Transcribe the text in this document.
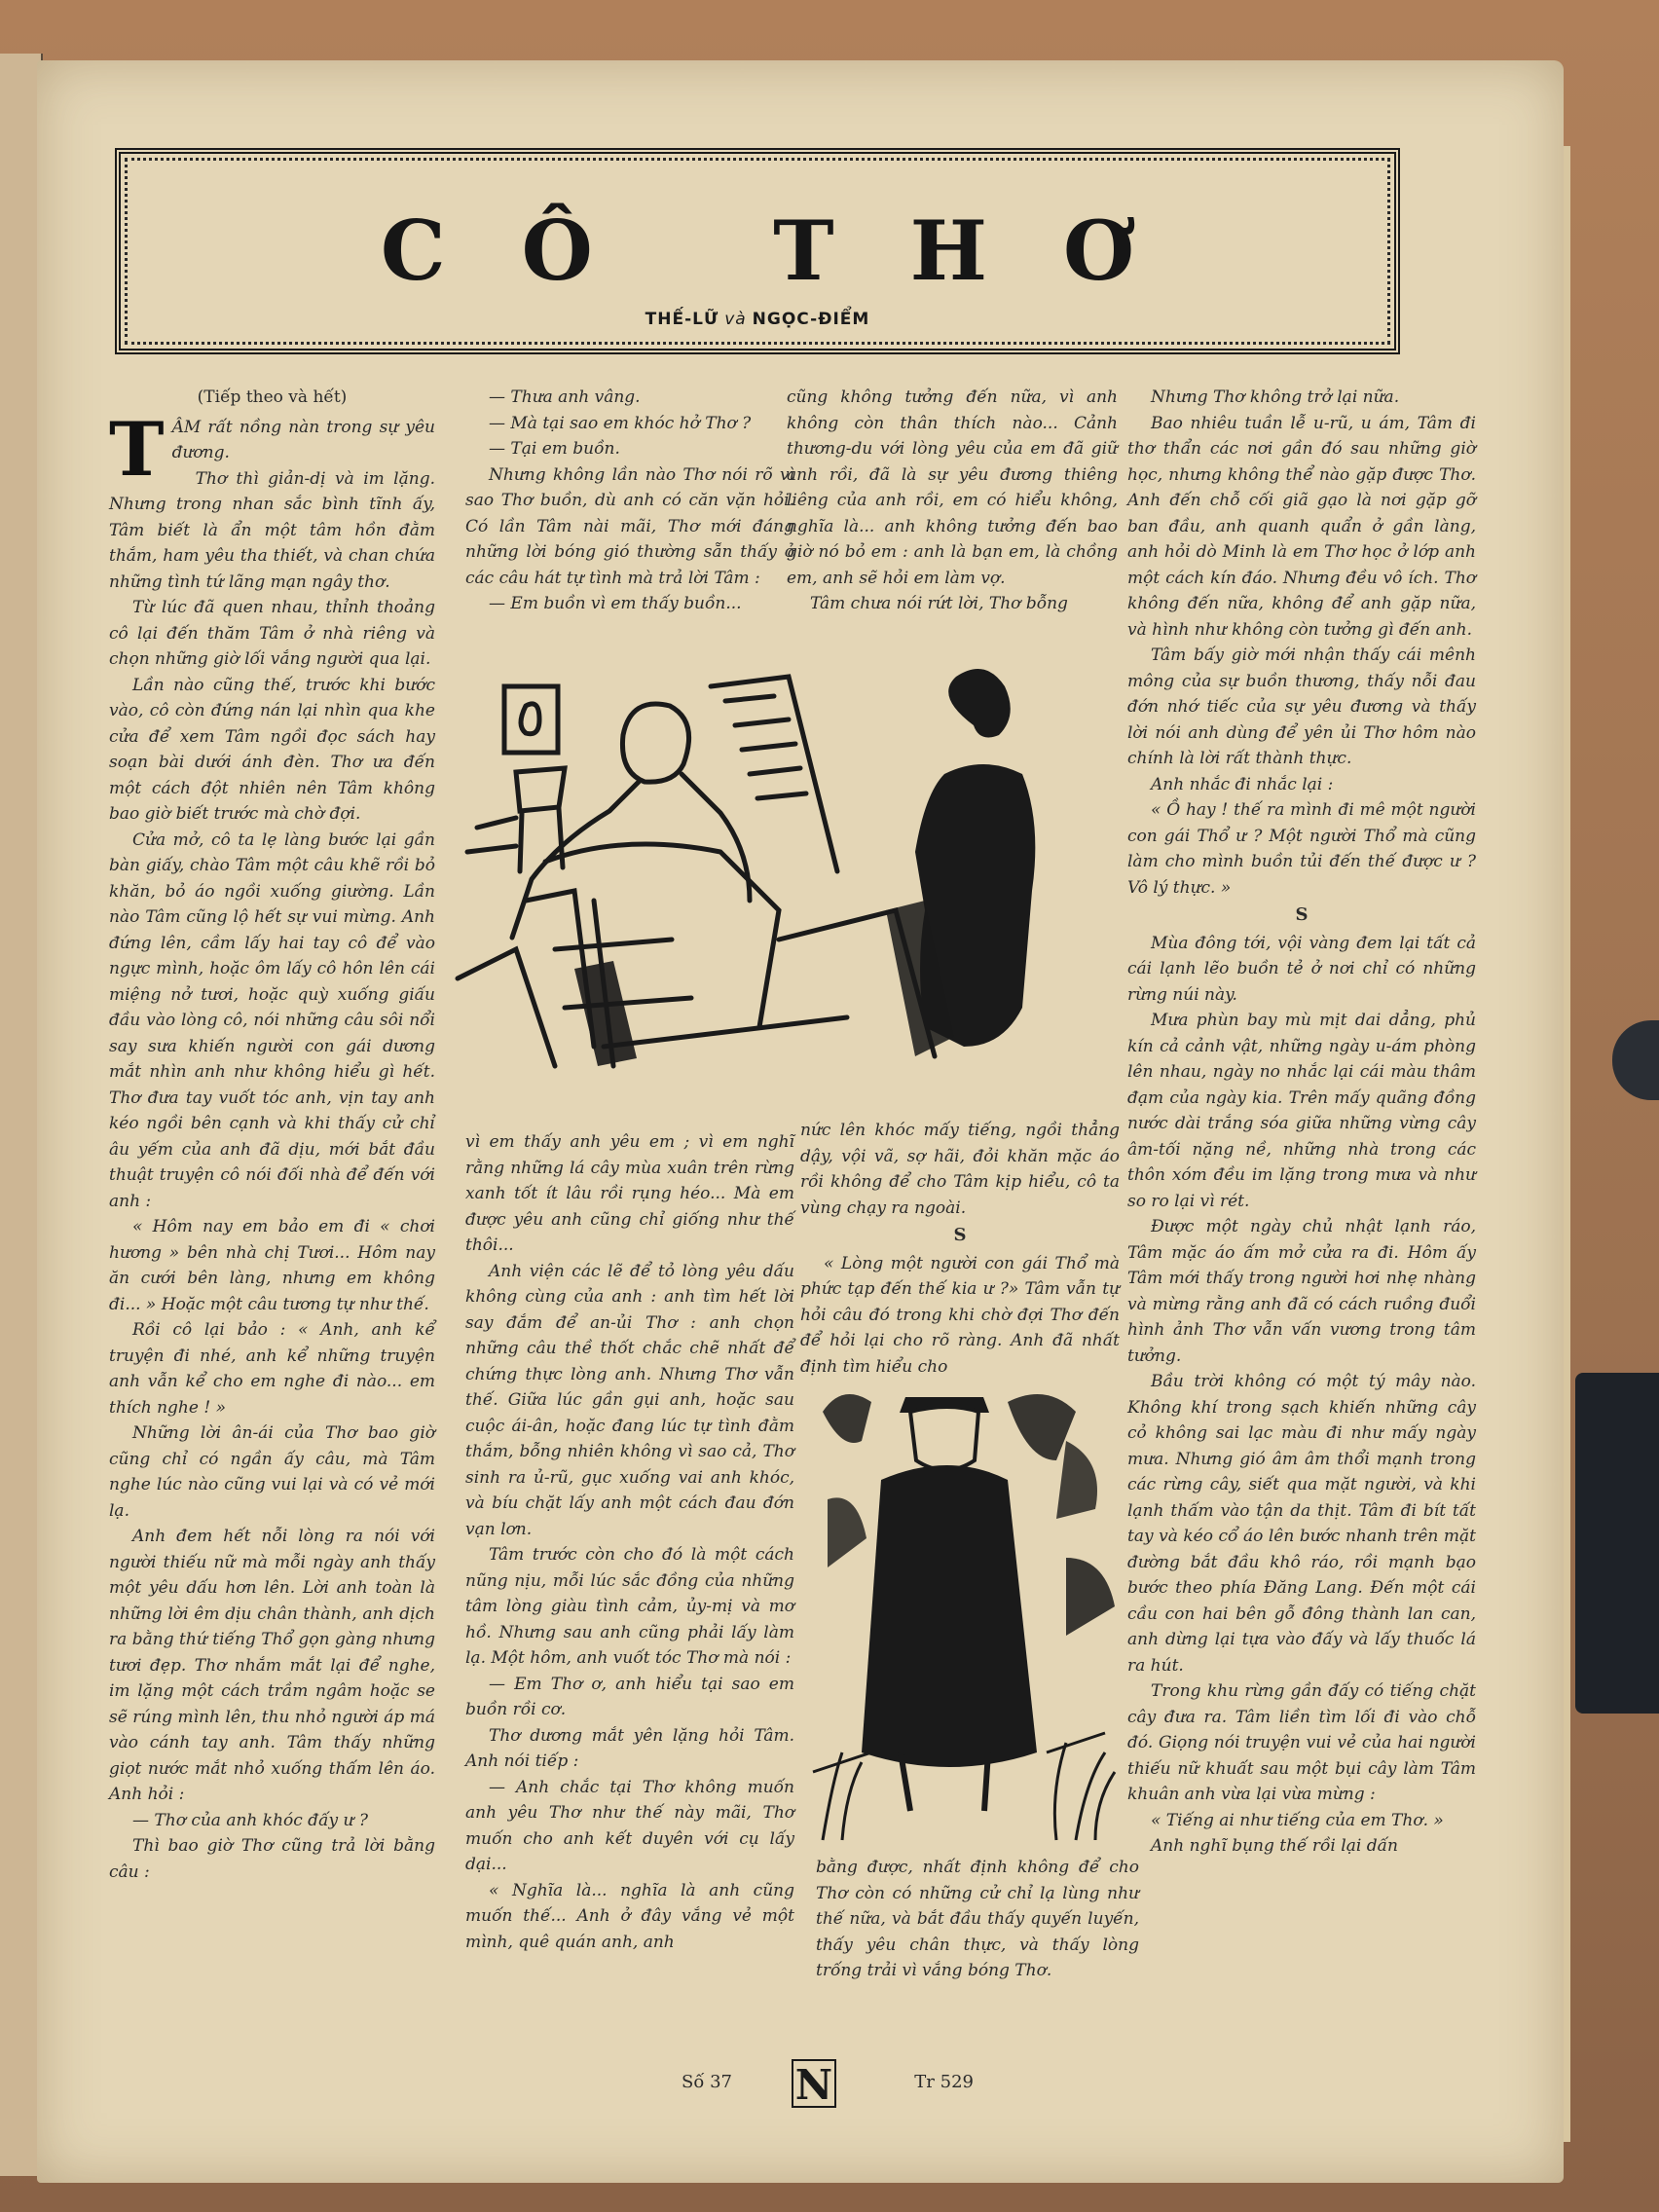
CÔ THƠ
THẾ-LỮ và NGỌC-ĐIỂM
(Tiếp theo và hết)
T ÂM rất nồng nàn trong sự yêu đương.

Thơ thì giản-dị và im lặng. Nhưng trong nhan sắc bình tĩnh ấy, Tâm biết là ẩn một tâm hồn đằm thắm, ham yêu tha thiết, và chan chứa những tình tứ lãng mạn ngây thơ.

Từ lúc đã quen nhau, thỉnh thoảng cô lại đến thăm Tâm ở nhà riêng và chọn những giờ lối vắng người qua lại.

Lần nào cũng thế, trước khi bước vào, cô còn đứng nán lại nhìn qua khe cửa để xem Tâm ngồi đọc sách hay soạn bài dưới ánh đèn. Thơ ưa đến một cách đột nhiên nên Tâm không bao giờ biết trước mà chờ đợi.

Cửa mở, cô ta lẹ làng bước lại gần bàn giấy, chào Tâm một câu khẽ rồi bỏ khăn, bỏ áo ngồi xuống giường. Lần nào Tâm cũng lộ hết sự vui mừng. Anh đứng lên, cầm lấy hai tay cô để vào ngực mình, hoặc ôm lấy cô hôn lên cái miệng nở tươi, hoặc quỳ xuống giấu đầu vào lòng cô, nói những câu sôi nổi say sưa khiến người con gái dương mắt nhìn anh như không hiểu gì hết. Thơ đưa tay vuốt tóc anh, vịn tay anh kéo ngồi bên cạnh và khi thấy cử chỉ âu yếm của anh đã dịu, mới bắt đầu thuật truyện cô nói đối nhà để đến với anh :

« Hôm nay em bảo em đi « chơi hương » bên nhà chị Tươi... Hôm nay ăn cưới bên làng, nhưng em không đi... » Hoặc một câu tương tự như thế.

Rồi cô lại bảo : « Anh, anh kể truyện đi nhé, anh kể những truyện anh vẫn kể cho em nghe đi nào... em thích nghe ! »

Những lời ân-ái của Thơ bao giờ cũng chỉ có ngần ấy câu, mà Tâm nghe lúc nào cũng vui lại và có vẻ mới lạ.

Anh đem hết nỗi lòng ra nói với người thiếu nữ mà mỗi ngày anh thấy một yêu dấu hơn lên. Lời anh toàn là những lời êm dịu chân thành, anh dịch ra bằng thứ tiếng Thổ gọn gàng nhưng tươi đẹp. Thơ nhắm mắt lại để nghe, im lặng một cách trầm ngâm hoặc se sẽ rúng mình lên, thu nhỏ người áp má vào cánh tay anh. Tâm thấy những giọt nước mắt nhỏ xuống thấm lên áo. Anh hỏi :

— Thơ của anh khóc đấy ư ?

Thì bao giờ Thơ cũng trả lời bằng câu :

— Thưa anh vâng.

— Mà tại sao em khóc hở Thơ ?

— Tại em buồn.

Nhưng không lần nào Thơ nói rõ vì sao Thơ buồn, dù anh có căn vặn hỏi. Có lần Tâm nài mãi, Thơ mới đáng những lời bóng gió thường sẵn thấy ở các câu hát tự tình mà trả lời Tâm :

— Em buồn vì em thấy buồn...

cũng không tưởng đến nữa, vì anh không còn thân thích nào... Cảnh thương-du với lòng yêu của em đã giữ anh rồi, đã là sự yêu đương thiêng liêng của anh rồi, em có hiểu không, nghĩa là... anh không tưởng đến bao giờ nó bỏ em : anh là bạn em, là chồng em, anh sẽ hỏi em làm vợ.

Tâm chưa nói rứt lời, Thơ bỗng

vì em thấy anh yêu em ; vì em nghĩ rằng những lá cây mùa xuân trên rừng xanh tốt ít lâu rồi rụng héo... Mà em được yêu anh cũng chỉ giống như thế thôi...

Anh viện các lẽ để tỏ lòng yêu dấu không cùng của anh : anh tìm hết lời say đắm để an-ủi Thơ : anh chọn những câu thề thốt chắc chẽ nhất để chứng thực lòng anh. Nhưng Thơ vẫn thế. Giữa lúc gần gụi anh, hoặc sau cuộc ái-ân, hoặc đang lúc tự tình đằm thắm, bỗng nhiên không vì sao cả, Thơ sinh ra ủ-rũ, gục xuống vai anh khóc, và bíu chặt lấy anh một cách đau đớn vạn lơn.

Tâm trước còn cho đó là một cách nũng nịu, mỗi lúc sắc đồng của những tâm lòng giàu tình cảm, ủy-mị và mơ hồ. Nhưng sau anh cũng phải lấy làm lạ. Một hôm, anh vuốt tóc Thơ mà nói :

— Em Thơ ơ, anh hiểu tại sao em buồn rồi cơ.

Thơ dương mắt yên lặng hỏi Tâm. Anh nói tiếp :

— Anh chắc tại Thơ không muốn anh yêu Thơ như thế này mãi, Thơ muốn cho anh kết duyên với cụ lấy dại...

« Nghĩa là... nghĩa là anh cũng muốn thế... Anh ở đây vắng vẻ một mình, quê quán anh, anh

nức lên khóc mấy tiếng, ngồi thẳng dậy, vội vã, sợ hãi, đỏi khăn mặc áo rồi không để cho Tâm kịp hiểu, cô ta vùng chạy ra ngoài.

S

« Lòng một người con gái Thổ mà phức tạp đến thế kia ư ?» Tâm vẫn tự hỏi câu đó trong khi chờ đợi Thơ đến để hỏi lại cho rõ ràng. Anh đã nhất định tìm hiểu cho

bằng được, nhất định không để cho Thơ còn có những cử chỉ lạ lùng như thế nữa, và bắt đầu thấy quyến luyến, thấy yêu chân thực, và thấy lòng trống trải vì vắng bóng Thơ.

Nhưng Thơ không trở lại nữa.

Bao nhiêu tuần lễ u-rũ, u ám, Tâm đi thơ thẩn các nơi gần đó sau những giờ học, nhưng không thể nào gặp được Thơ. Anh đến chỗ cối giã gạo là nơi gặp gỡ ban đầu, anh quanh quẩn ở gần làng, anh hỏi dò Minh là em Thơ học ở lớp anh một cách kín đáo. Nhưng đều vô ích. Thơ không đến nữa, không để anh gặp nữa, và hình như không còn tưởng gì đến anh.

Tâm bấy giờ mới nhận thấy cái mênh mông của sự buồn thương, thấy nỗi đau đớn nhớ tiếc của sự yêu đương và thấy lời nói anh dùng để yên ủi Thơ hôm nào chính là lời rất thành thực.

Anh nhắc đi nhắc lại :

« Ồ hay ! thế ra mình đi mê một người con gái Thổ ư ? Một người Thổ mà cũng làm cho mình buồn tủi đến thế được ư ? Vô lý thực. »

S

Mùa đông tới, vội vàng đem lại tất cả cái lạnh lẽo buồn tẻ ở nơi chỉ có những rừng núi này.

Mưa phùn bay mù mịt dai dẳng, phủ kín cả cảnh vật, những ngày u-ám phòng lên nhau, ngày no nhắc lại cái màu thâm đạm của ngày kia. Trên mấy quãng đồng nước dài trắng sóa giữa những vừng cây âm-tối nặng nề, những nhà trong các thôn xóm đều im lặng trong mưa và như so ro lại vì rét.

Được một ngày chủ nhật lạnh ráo, Tâm mặc áo ấm mở cửa ra đi. Hôm ấy Tâm mới thấy trong người hơi nhẹ nhàng và mừng rằng anh đã có cách ruồng đuổi hình ảnh Thơ vẫn vấn vương trong tâm tưởng.

Bầu trời không có một tý mây nào. Không khí trong sạch khiến những cây cỏ không sai lạc màu đi như mấy ngày mưa. Nhưng gió âm âm thổi mạnh trong các rừng cây, siết qua mặt người, và khi lạnh thấm vào tận da thịt. Tâm đi bít tất tay và kéo cổ áo lên bước nhanh trên mặt đường bắt đầu khô ráo, rồi mạnh bạo bước theo phía Đăng Lang. Đến một cái cầu con hai bên gỗ đông thành lan can, anh dừng lại tựa vào đấy và lấy thuốc lá ra hút.

Trong khu rừng gần đấy có tiếng chặt cây đưa ra. Tâm liền tìm lối đi vào chỗ đó. Giọng nói truyện vui vẻ của hai người thiếu nữ khuất sau một bụi cây làm Tâm khuân anh vừa lại vừa mừng :

« Tiếng ai như tiếng của em Thơ. »

Anh nghĩ bụng thế rồi lại dấn

Số 37 N	Tr 529
